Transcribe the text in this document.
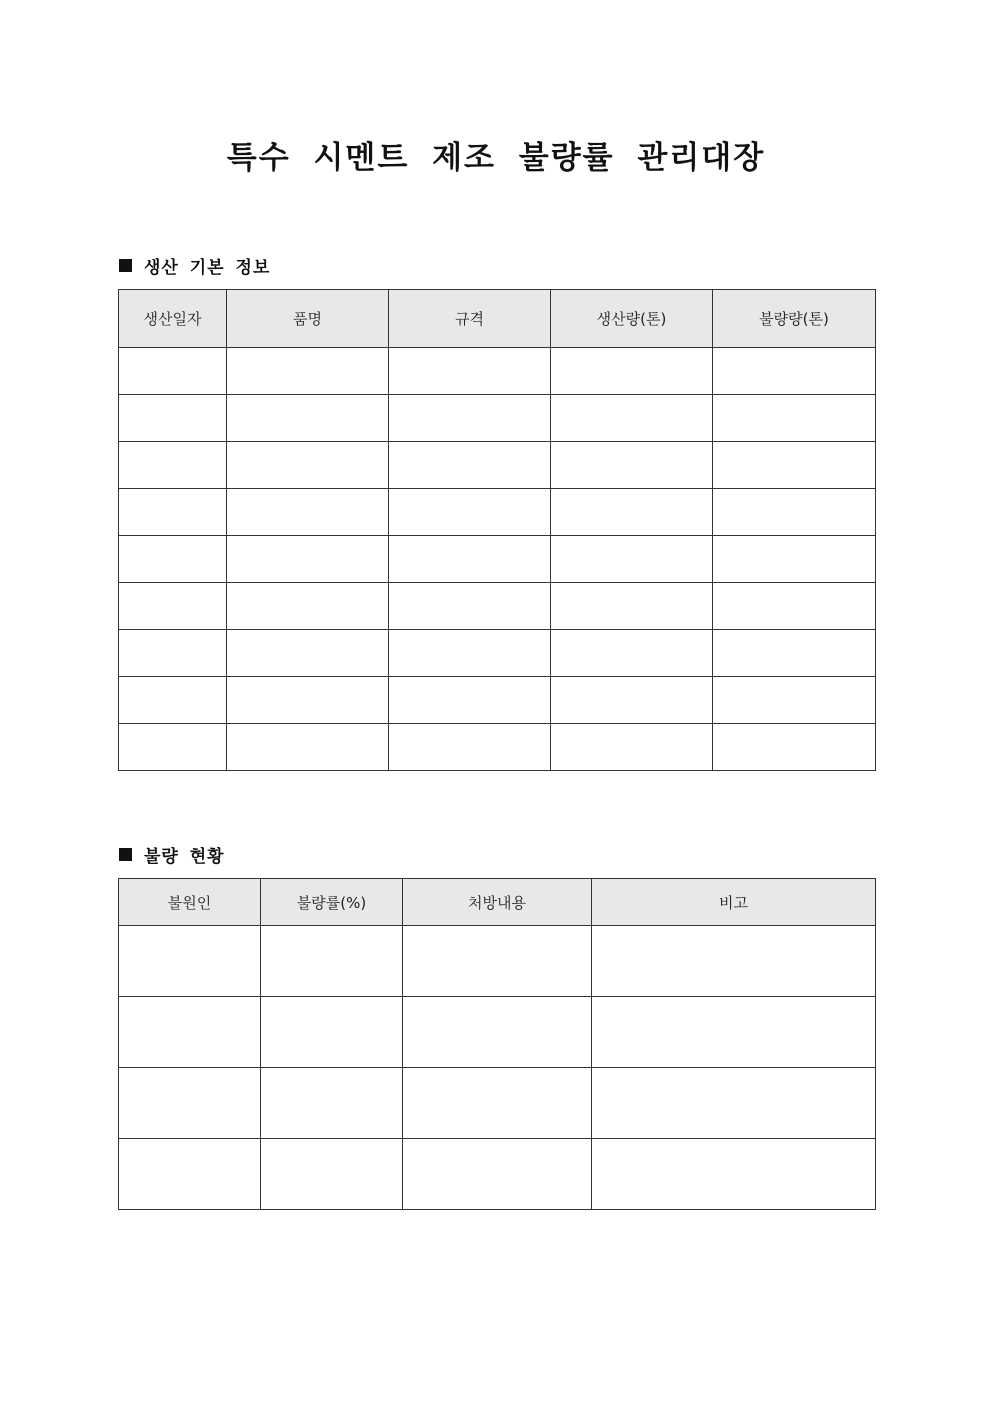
특수 시멘트 제조 불량률 관리대장
생산 기본 정보
생산일자	품명	규격	생산량(톤)	불량량(톤)

불량 현황
불원인	불량률(%)	처방내용	비고
